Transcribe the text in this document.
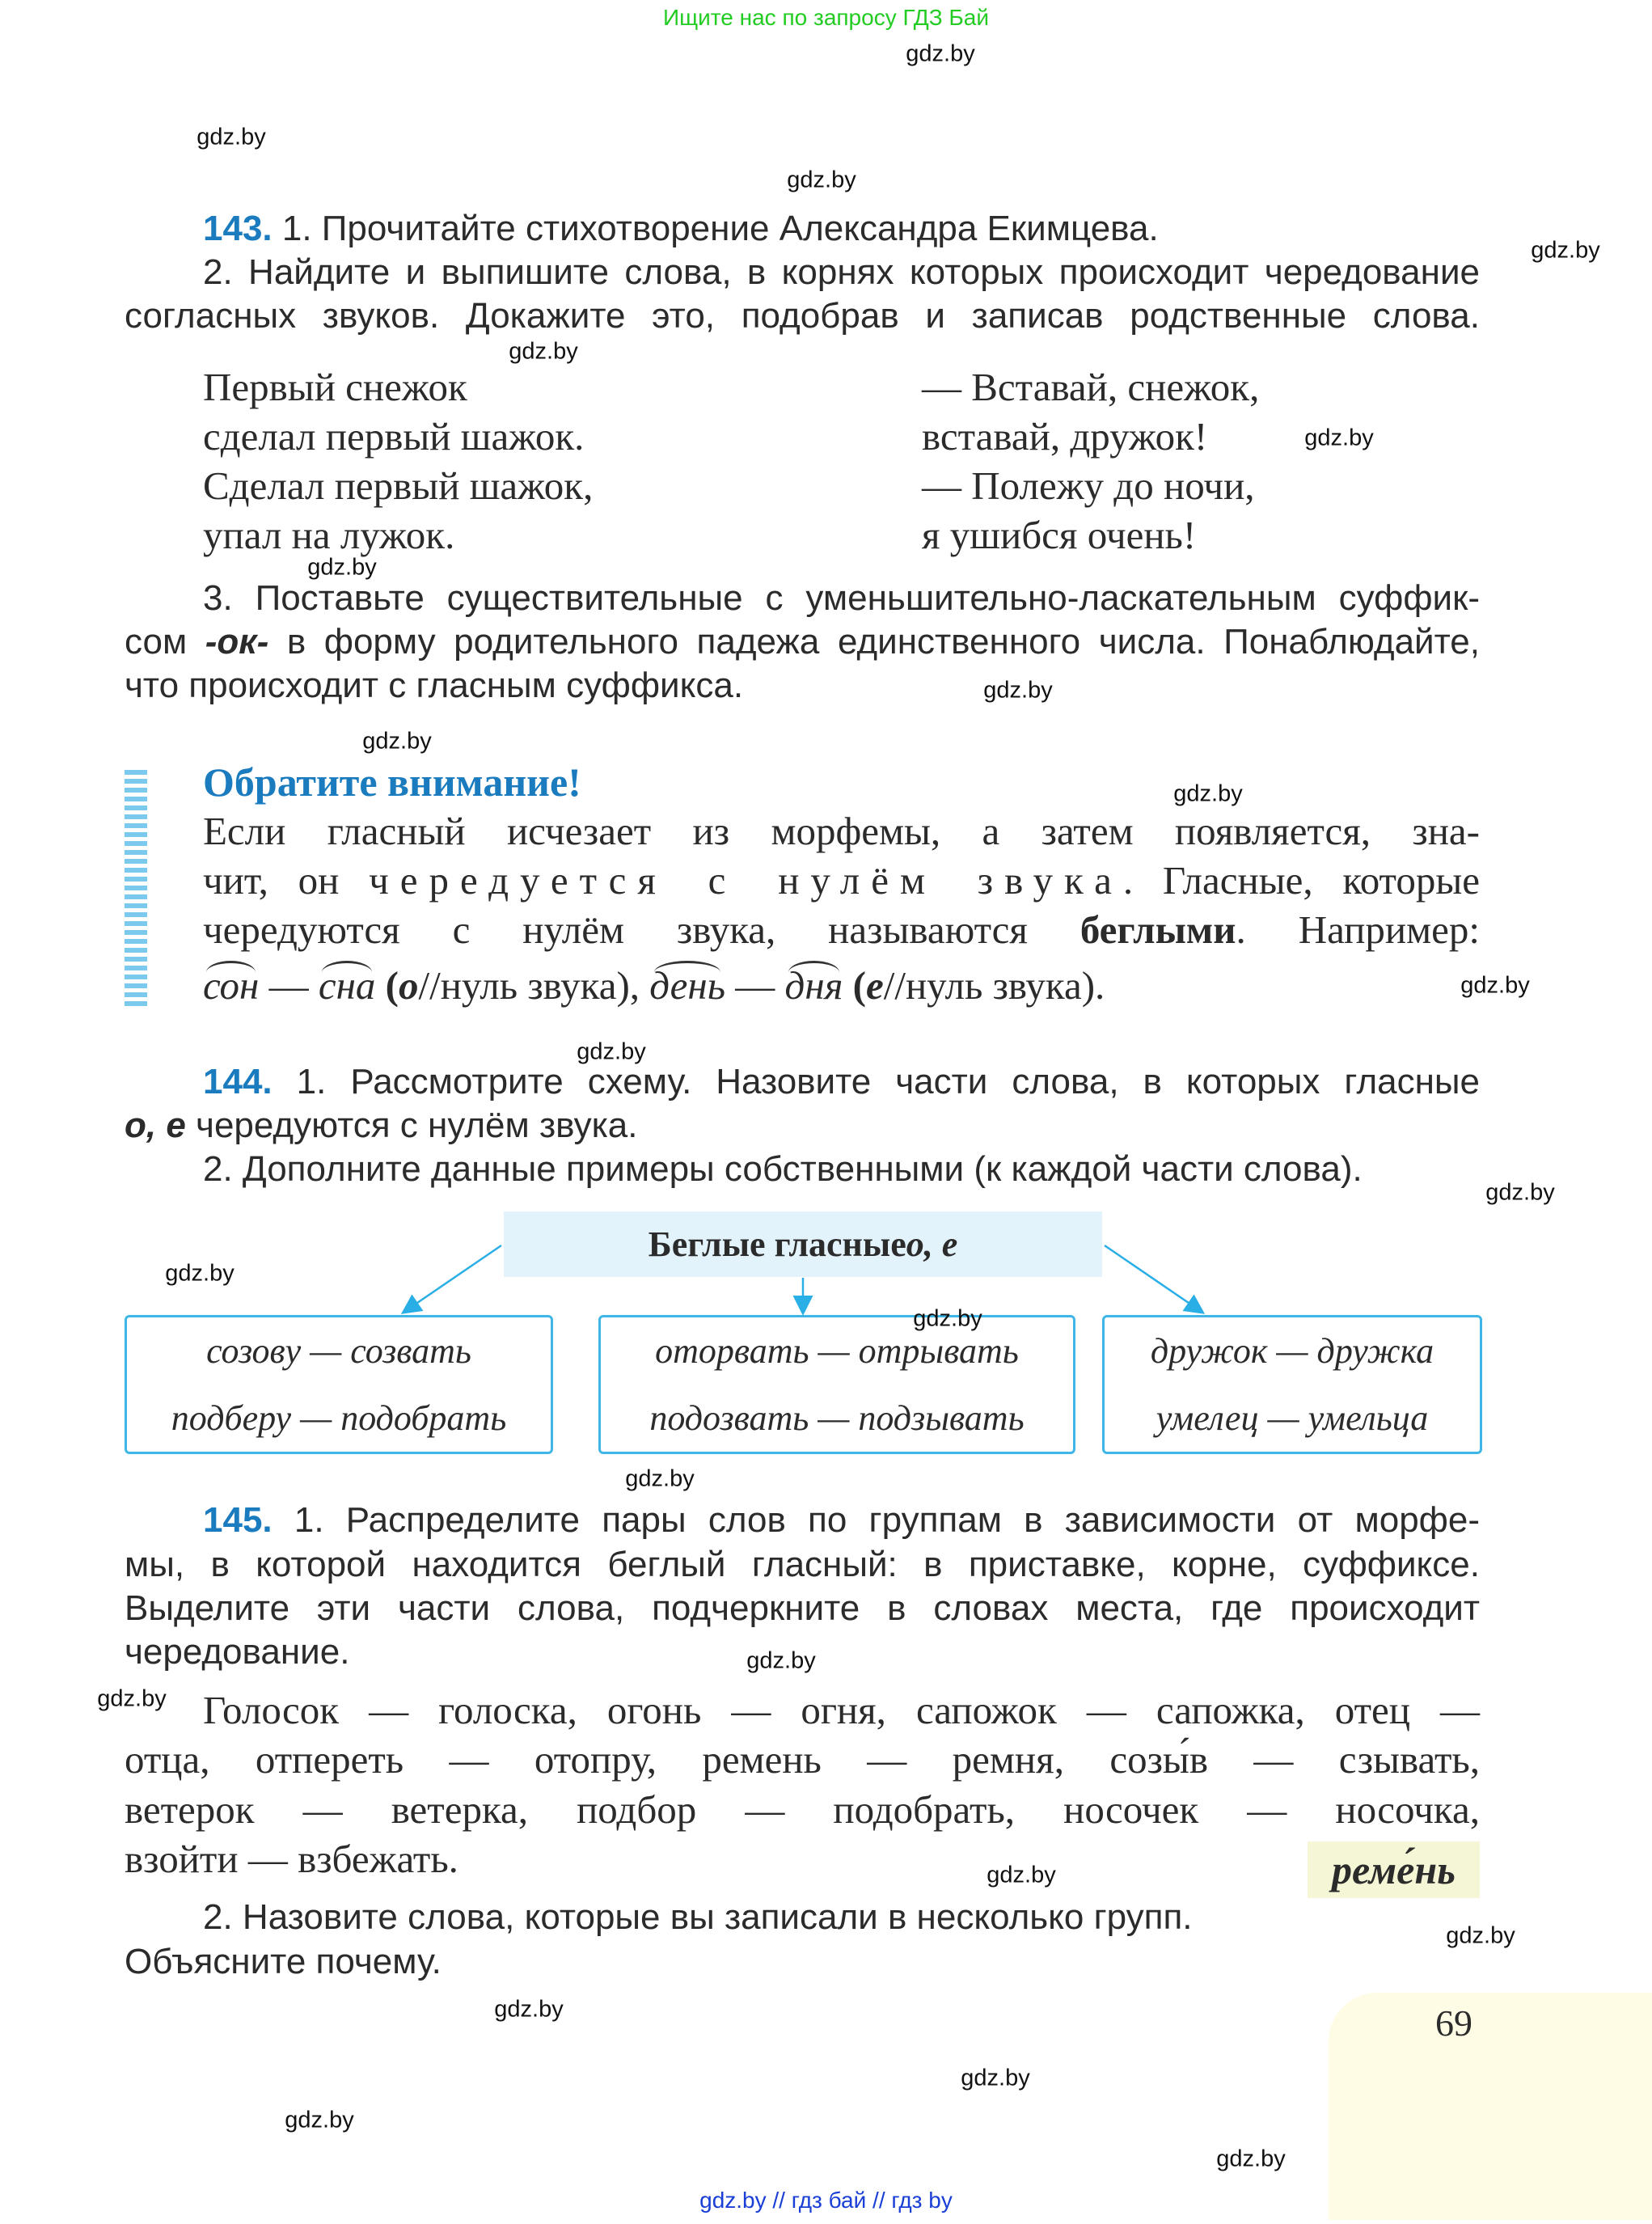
Ищите нас по запросу ГДЗ Бай
143. 1. Прочитайте стихотворение Александра Екимцева.
2. Найдите и выпишите слова, в корнях которых происходит чередование
согласных звуков. Докажите это, подобрав и записав родственные слова.
Первый снежок
сделал первый шажок.
Сделал первый шажок,
упал на лужок.
— Вставай, снежок,
вставай, дружок!
— Полежу до ночи,
я ушибся очень!
3. Поставьте существительные с уменьшительно-ласкательным суффик-
сом -ок- в форму родительного падежа единственного числа. Понаблюдайте,
что происходит с гласным суффикса.
Обратите внимание!
Если гласный исчезает из морфемы, а затем появляется, зна-
чит, он чередуется с нулём звука. Гласные, которые
чередуются с нулём звука, называются беглыми. Например:
сон — сна (о//нуль звука), день — дня (е//нуль звука).
144. 1. Рассмотрите схему. Назовите части слова, в которых гласные
о, е чередуются с нулём звука.
2. Дополните данные примеры собственными (к каждой части слова).
Беглые гласные о, е
созову — созвать
подберу — подобрать
оторвать — отрывать
подозвать — подзывать
дружок — дружка
умелец — умельца
145. 1. Распределите пары слов по группам в зависимости от морфе-
мы, в которой находится беглый гласный: в приставке, корне, суффиксе.
Выделите эти части слова, подчеркните в словах места, где происходит
чередование.
Голосок — голоска, огонь — огня, сапожок — сапожка, отец —
отца, отпереть — отопру, ремень — ремня, созы́в — сзывать,
ветерок — ветерка, подбор — подобрать, носочек — носочка,
взойти — взбежать.	реме́нь
2. Назовите слова, которые вы записали в несколько групп.
Объясните почему.
69
gdz.by // гдз бай // гдз by
gdz.by
gdz.by
gdz.by
gdz.by
gdz.by
gdz.by
gdz.by
gdz.by
gdz.by
gdz.by
gdz.by
gdz.by
gdz.by
gdz.by
gdz.by
gdz.by
gdz.by
gdz.by
gdz.by
gdz.by
gdz.by
gdz.by
gdz.by
gdz.by
